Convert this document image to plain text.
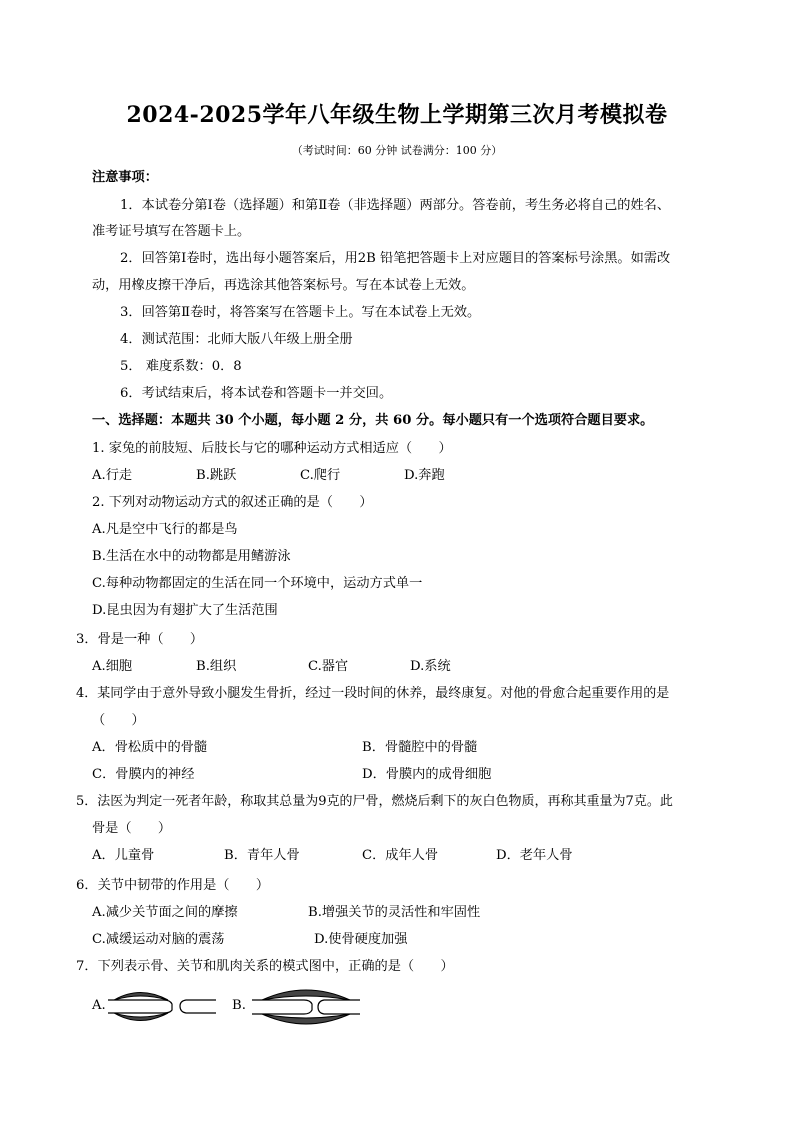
2024-2025学年八年级生物上学期第三次月考模拟卷
（考试时间：60 分钟 试卷满分：100 分）
注意事项：
1．本试卷分第Ⅰ卷（选择题）和第Ⅱ卷（非选择题）两部分。答卷前，考生务必将自己的姓名、
准考证号填写在答题卡上。
2．回答第Ⅰ卷时，选出每小题答案后，用2B 铅笔把答题卡上对应题目的答案标号涂黑。如需改
动，用橡皮擦干净后，再选涂其他答案标号。写在本试卷上无效。
3．回答第Ⅱ卷时，将答案写在答题卡上。写在本试卷上无效。
4．测试范围：北师大版八年级上册全册
5． 难度系数：0．8
6．考试结束后，将本试卷和答题卡一并交回。
一、选择题：本题共 30 个小题，每小题 2 分，共 60 分。每小题只有一个选项符合题目要求。
1. 家兔的前肢短、后肢长与它的哪种运动方式相适应（　　）
A.行走	B.跳跃	C.爬行	D.奔跑
2. 下列对动物运动方式的叙述正确的是（　　）
A.凡是空中飞行的都是鸟
B.生活在水中的动物都是用鳍游泳
C.每种动物都固定的生活在同一个环境中，运动方式单一
D.昆虫因为有翅扩大了生活范围
3．骨是一种（　　）
A.细胞	B.组织	C.器官	D.系统
4．某同学由于意外导致小腿发生骨折，经过一段时间的休养，最终康复。对他的骨愈合起重要作用的是
（　　）
A．骨松质中的骨髓	B．骨髓腔中的骨髓
C．骨膜内的神经	D．骨膜内的成骨细胞
5．法医为判定一死者年龄，称取其总量为9克的尸骨，燃烧后剩下的灰白色物质，再称其重量为7克。此
骨是（　　）
A．儿童骨	B．青年人骨	C．成年人骨	D．老年人骨
6．关节中韧带的作用是（　　）
A.减少关节面之间的摩擦	B.增强关节的灵活性和牢固性
C.减缓运动对脑的震荡	D.使骨硬度加强
7．下列表示骨、关节和肌肉关系的模式图中，正确的是（　　）
A.	B.
